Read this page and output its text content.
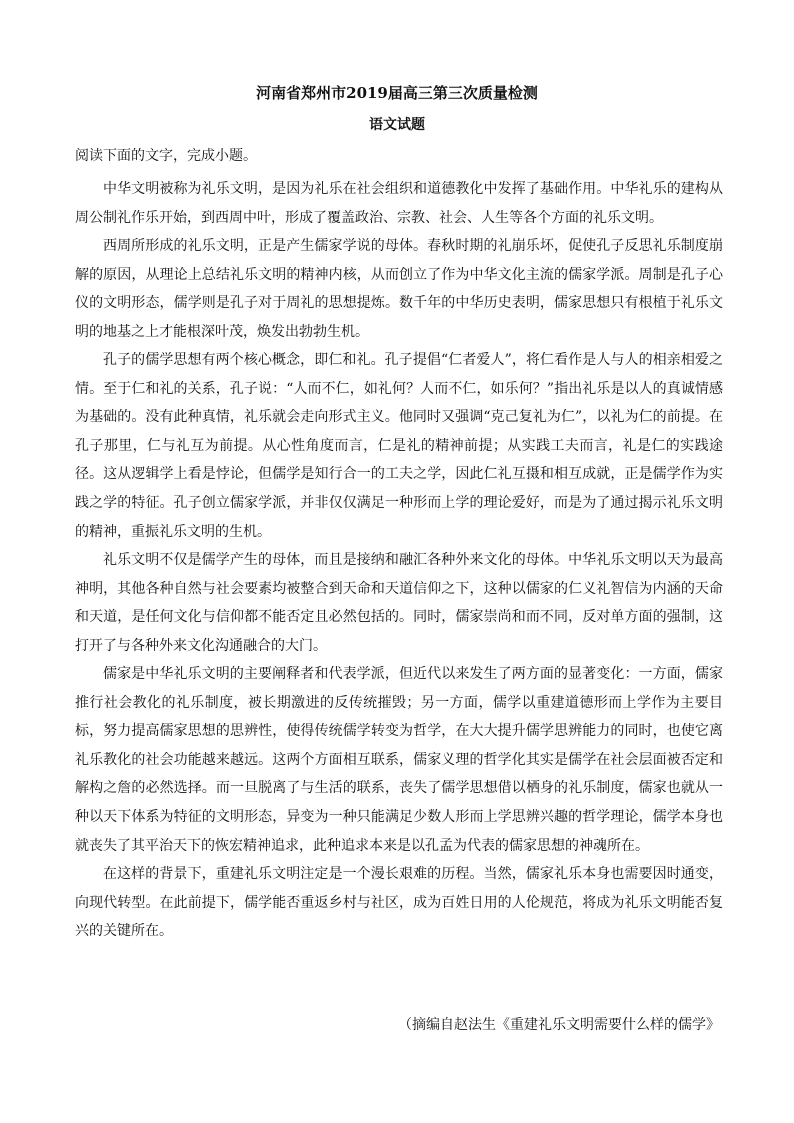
河南省郑州市2019届高三第三次质量检测
语文试题
阅读下面的文字，完成小题。

中华文明被称为礼乐文明，是因为礼乐在社会组织和道德教化中发挥了基础作用。中华礼乐的建构从周公制礼作乐开始，到西周中叶，形成了覆盖政治、宗教、社会、人生等各个方面的礼乐文明。

西周所形成的礼乐文明，正是产生儒家学说的母体。春秋时期的礼崩乐坏，促使孔子反思礼乐制度崩解的原因，从理论上总结礼乐文明的精神内核，从而创立了作为中华文化主流的儒家学派。周制是孔子心仪的文明形态，儒学则是孔子对于周礼的思想提炼。数千年的中华历史表明，儒家思想只有根植于礼乐文明的地基之上才能根深叶茂，焕发出勃勃生机。

孔子的儒学思想有两个核心概念，即仁和礼。孔子提倡“仁者爱人”，将仁看作是人与人的相亲相爱之情。至于仁和礼的关系，孔子说：“人而不仁，如礼何？人而不仁，如乐何？”指出礼乐是以人的真诚情感为基础的。没有此种真情，礼乐就会走向形式主义。他同时又强调“克己复礼为仁”，以礼为仁的前提。在孔子那里，仁与礼互为前提。从心性角度而言，仁是礼的精神前提；从实践工夫而言，礼是仁的实践途径。这从逻辑学上看是悖论，但儒学是知行合一的工夫之学，因此仁礼互摄和相互成就，正是儒学作为实践之学的特征。孔子创立儒家学派，并非仅仅满足一种形而上学的理论爱好，而是为了通过揭示礼乐文明的精神，重振礼乐文明的生机。

礼乐文明不仅是儒学产生的母体，而且是接纳和融汇各种外来文化的母体。中华礼乐文明以天为最高神明，其他各种自然与社会要素均被整合到天命和天道信仰之下，这种以儒家的仁义礼智信为内涵的天命和天道，是任何文化与信仰都不能否定且必然包括的。同时，儒家崇尚和而不同，反对单方面的强制，这打开了与各种外来文化沟通融合的大门。

儒家是中华礼乐文明的主要阐释者和代表学派，但近代以来发生了两方面的显著变化：一方面，儒家推行社会教化的礼乐制度，被长期激进的反传统摧毁；另一方面，儒学以重建道德形而上学作为主要目标，努力提高儒家思想的思辨性，使得传统儒学转变为哲学，在大大提升儒学思辨能力的同时，也使它离礼乐教化的社会功能越来越远。这两个方面相互联系，儒家义理的哲学化其实是儒学在社会层面被否定和解构之詹的必然选择。而一旦脱离了与生活的联系，丧失了儒学思想借以栖身的礼乐制度，儒家也就从一种以天下体系为特征的文明形态，异变为一种只能满足少数人形而上学思辨兴趣的哲学理论，儒学本身也就丧失了其平治天下的恢宏精神追求，此种追求本来是以孔孟为代表的儒家思想的神魂所在。

在这样的背景下，重建礼乐文明注定是一个漫长艰难的历程。当然，儒家礼乐本身也需要因时通变，向现代转型。在此前提下，儒学能否重返乡村与社区，成为百姓日用的人伦规范，将成为礼乐文明能否复兴的关键所在。

（摘编自赵法生《重建礼乐文明需要什么样的儒学》
